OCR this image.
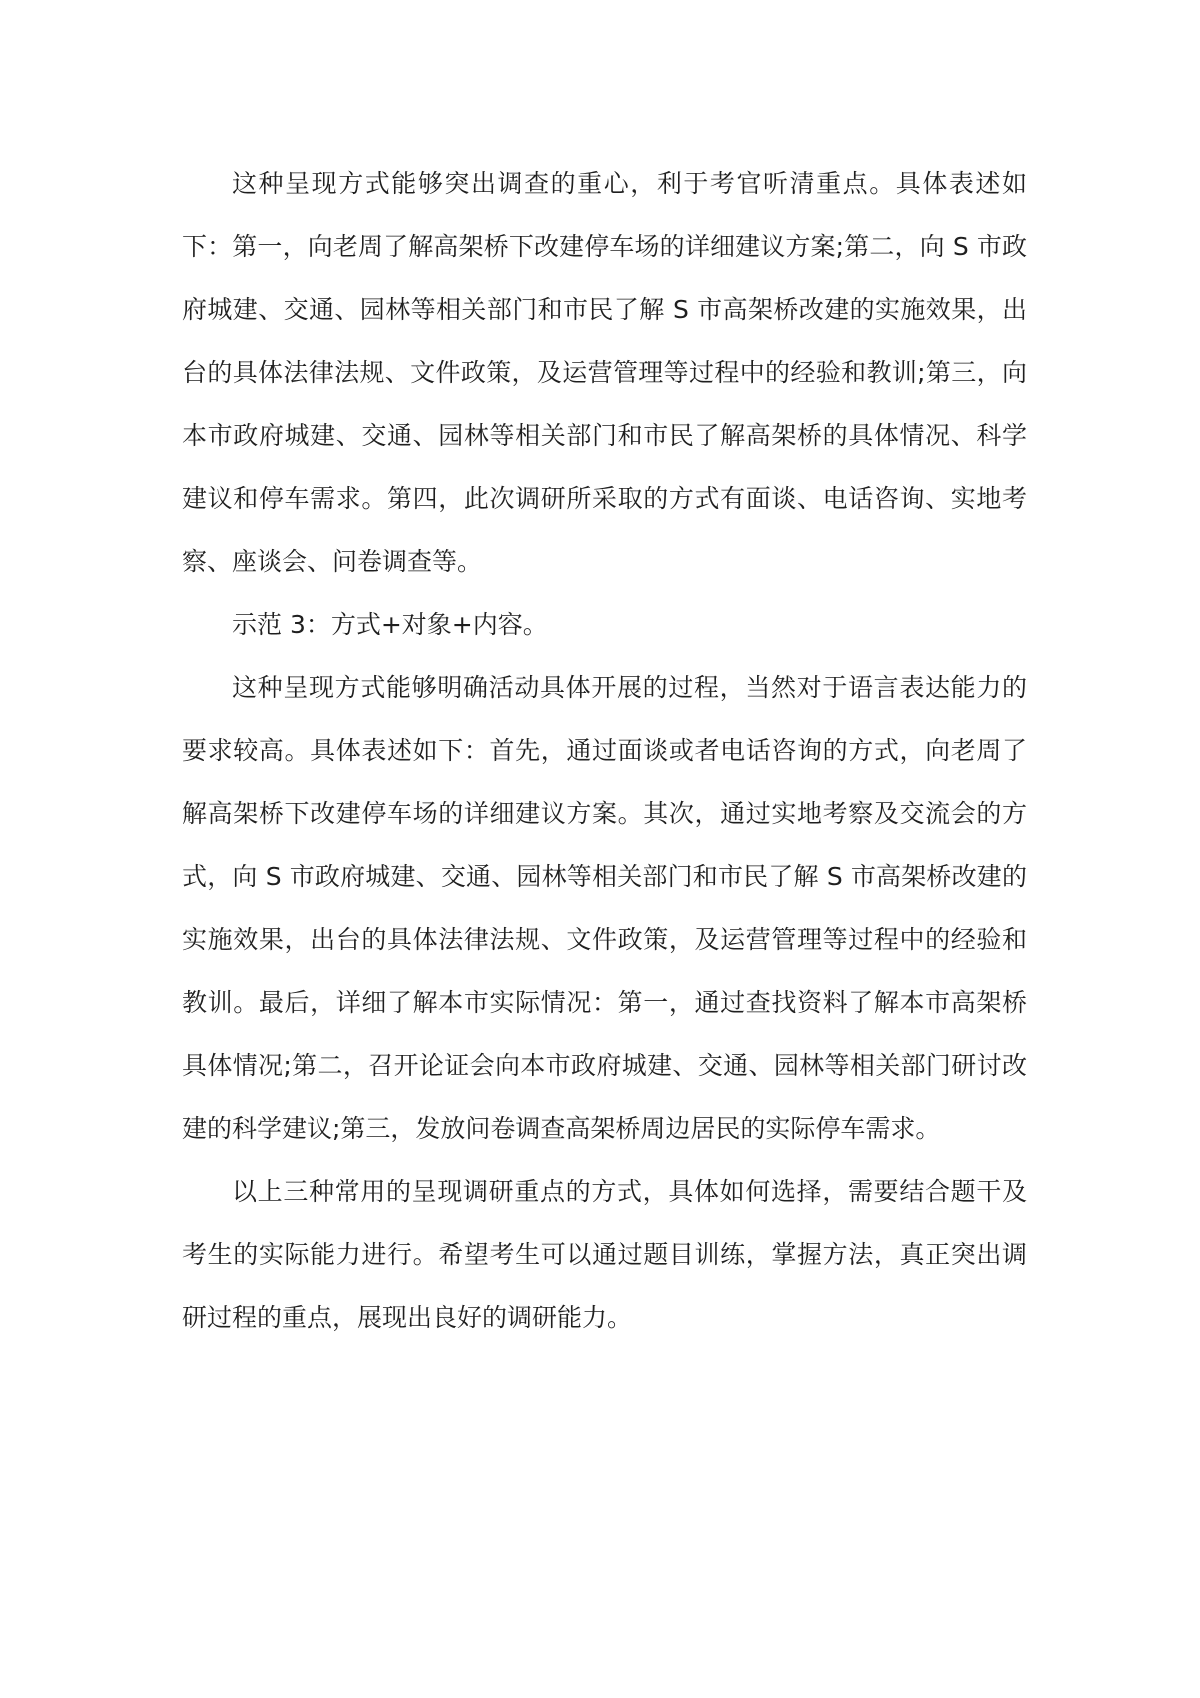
这种呈现方式能够突出调查的重心，利于考官听清重点。具体表述如下：第一，向老周了解高架桥下改建停车场的详细建议方案;第二，向 S 市政府城建、交通、园林等相关部门和市民了解 S 市高架桥改建的实施效果，出台的具体法律法规、文件政策，及运营管理等过程中的经验和教训;第三，向本市政府城建、交通、园林等相关部门和市民了解高架桥的具体情况、科学建议和停车需求。第四，此次调研所采取的方式有面谈、电话咨询、实地考察、座谈会、问卷调查等。

示范 3：方式+对象+内容。

这种呈现方式能够明确活动具体开展的过程，当然对于语言表达能力的要求较高。具体表述如下：首先，通过面谈或者电话咨询的方式，向老周了解高架桥下改建停车场的详细建议方案。其次，通过实地考察及交流会的方式，向 S 市政府城建、交通、园林等相关部门和市民了解 S 市高架桥改建的实施效果，出台的具体法律法规、文件政策，及运营管理等过程中的经验和教训。最后，详细了解本市实际情况：第一，通过查找资料了解本市高架桥具体情况;第二，召开论证会向本市政府城建、交通、园林等相关部门研讨改建的科学建议;第三，发放问卷调查高架桥周边居民的实际停车需求。

以上三种常用的呈现调研重点的方式，具体如何选择，需要结合题干及考生的实际能力进行。希望考生可以通过题目训练，掌握方法，真正突出调研过程的重点，展现出良好的调研能力。
